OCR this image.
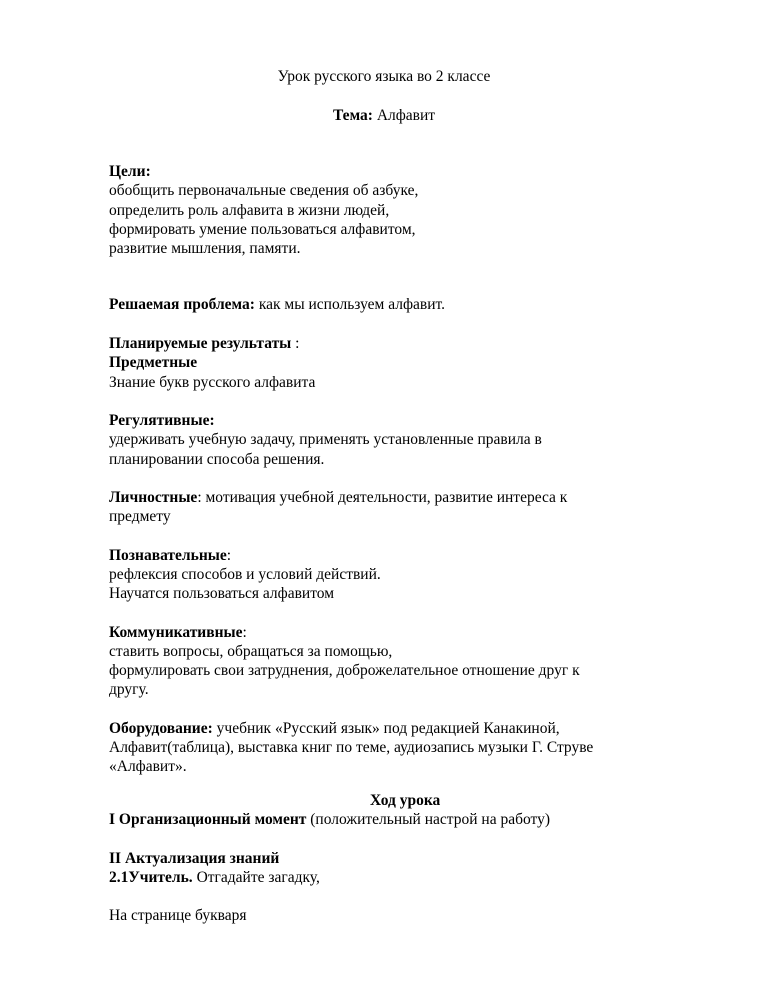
Урок русского языка во 2 классе
Тема: Алфавит
Цели:
обобщить первоначальные сведения об азбуке,
определить роль алфавита в жизни людей,
формировать умение пользоваться алфавитом,
развитие мышления, памяти.
Решаемая проблема: как мы используем алфавит.
Планируемые результаты :
Предметные
Знание букв русского алфавита
Регулятивные:
удерживать учебную задачу, применять установленные правила в
планировании способа решения.
Личностные: мотивация учебной деятельности, развитие интереса к
предмету
Познавательные:
рефлексия способов и условий действий.
Научатся пользоваться алфавитом
Коммуникативные:
ставить вопросы, обращаться за помощью,
формулировать свои затруднения, доброжелательное отношение друг к
другу.
Оборудование: учебник «Русский язык» под редакцией Канакиной,
Алфавит(таблица), выставка книг по теме, аудиозапись музыки Г. Струве
«Алфавит».
Ход урока
I Организационный момент (положительный настрой на работу)
II Актуализация знаний
2.1Учитель. Отгадайте загадку,
На странице букваря
